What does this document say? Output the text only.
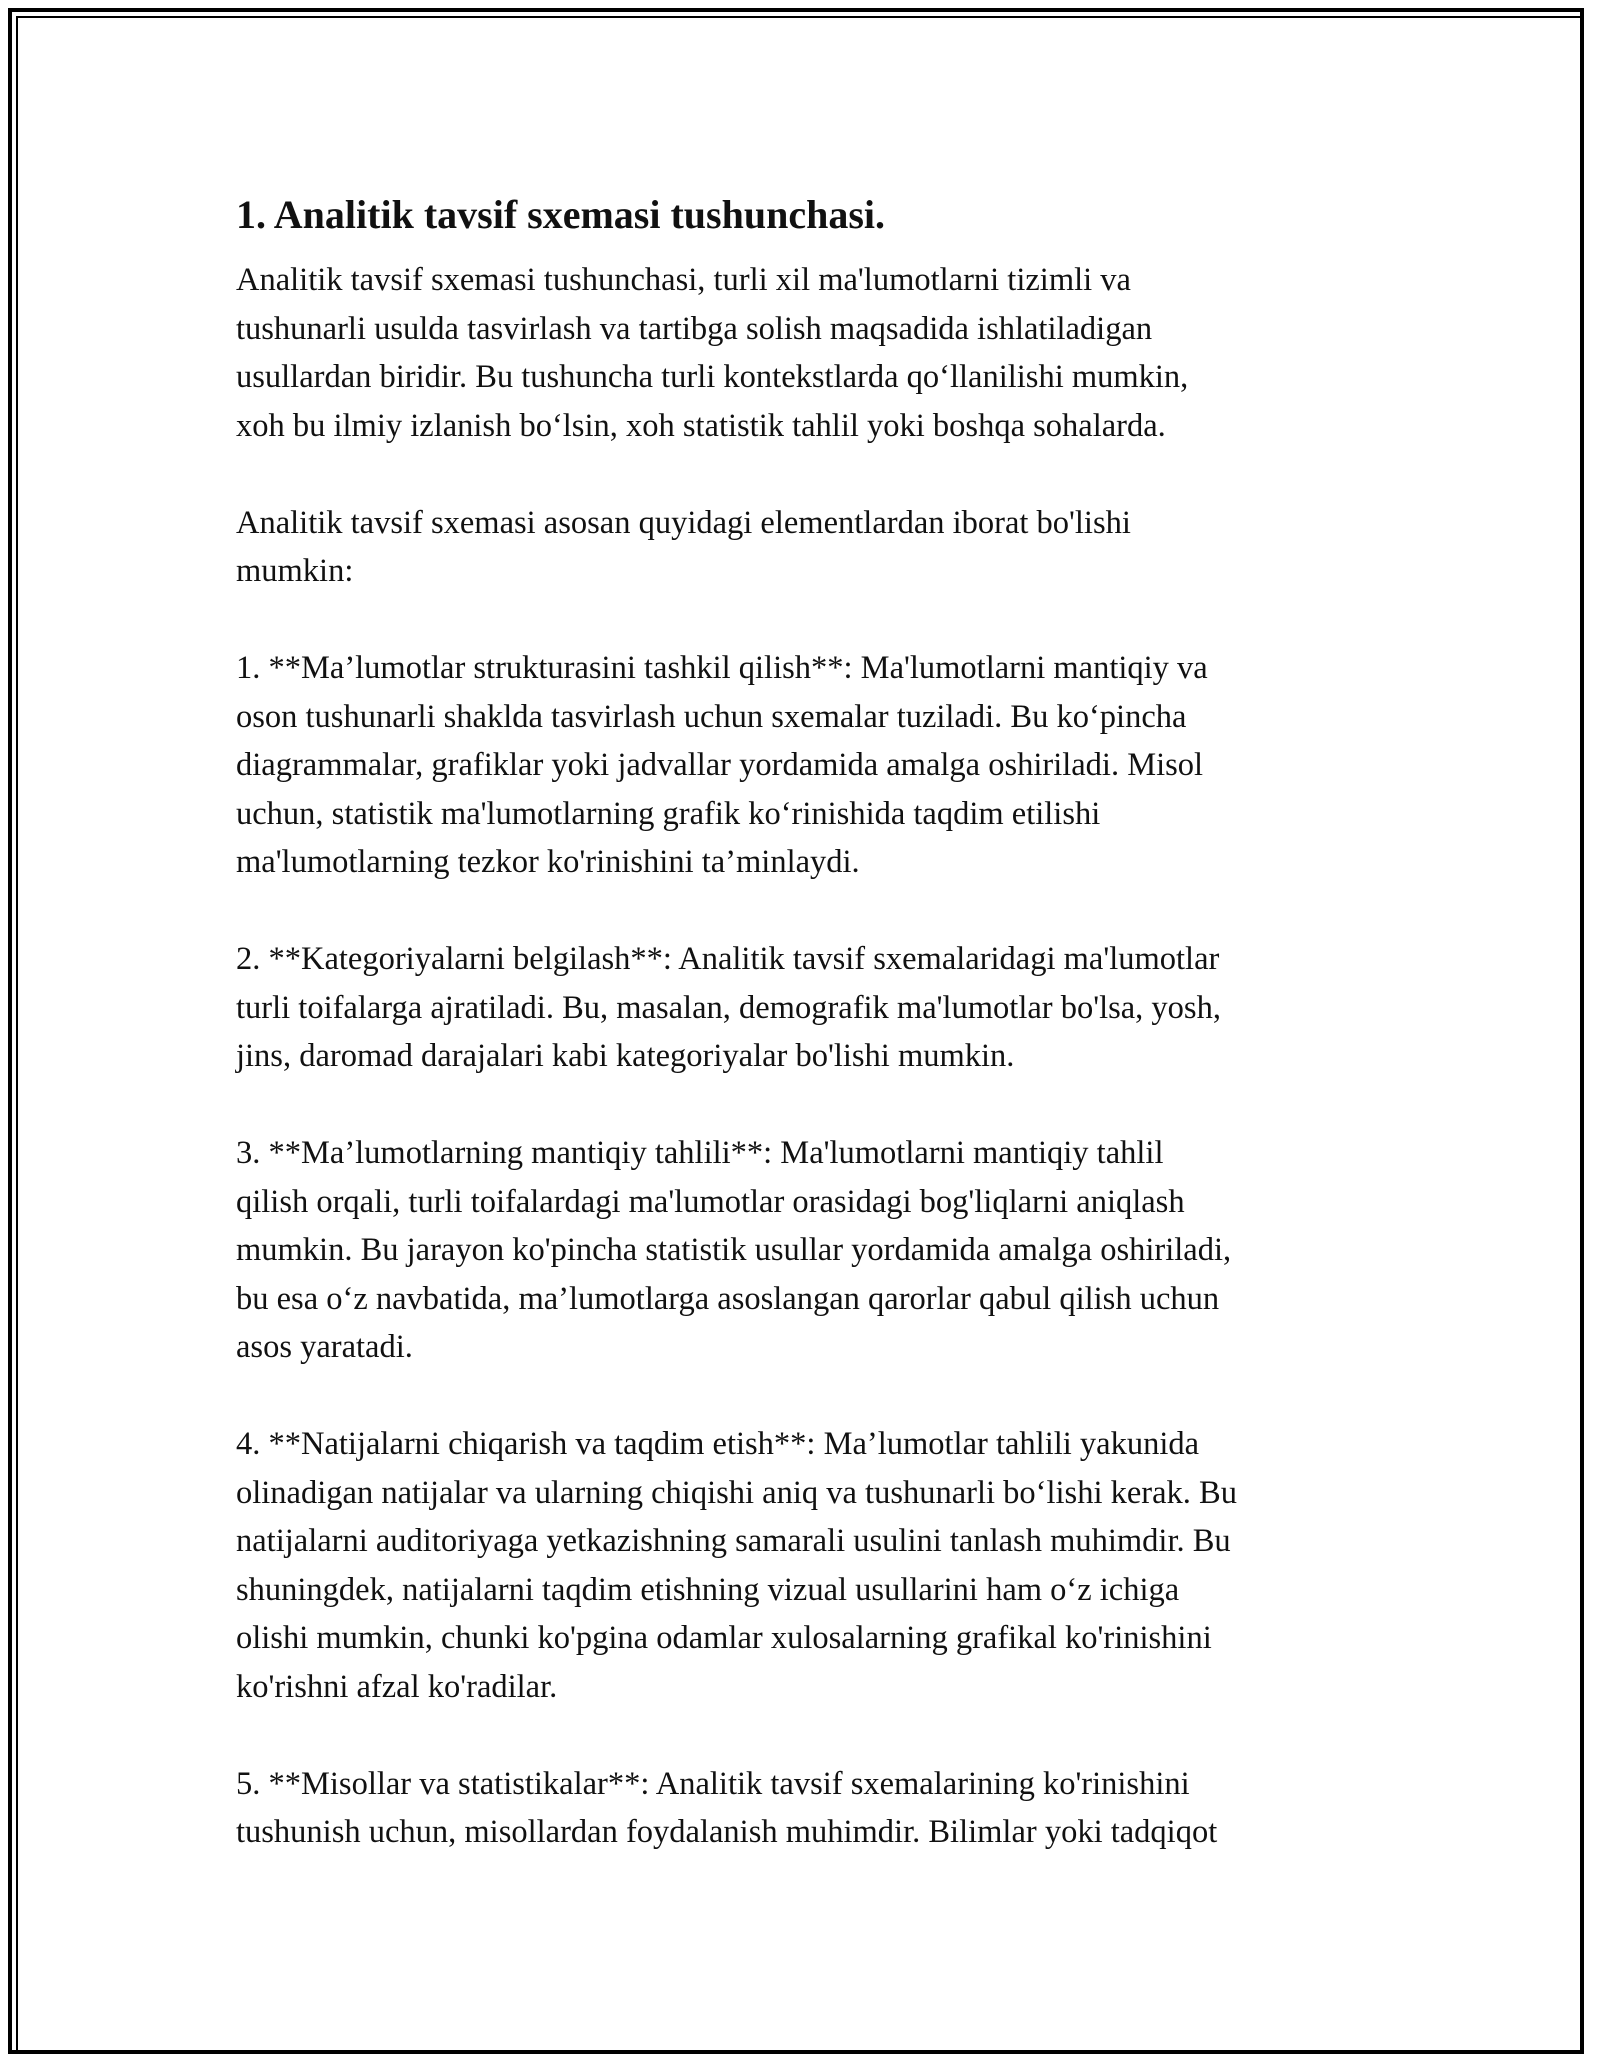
1. Analitik tavsif sxemasi tushunchasi.
Analitik tavsif sxemasi tushunchasi, turli xil ma'lumotlarni tizimli va
tushunarli usulda tasvirlash va tartibga solish maqsadida ishlatiladigan
usullardan biridir. Bu tushuncha turli kontekstlarda qo‘llanilishi mumkin,
xoh bu ilmiy izlanish bo‘lsin, xoh statistik tahlil yoki boshqa sohalarda.
Analitik tavsif sxemasi asosan quyidagi elementlardan iborat bo'lishi
mumkin:
1. **Ma’lumotlar strukturasini tashkil qilish**: Ma'lumotlarni mantiqiy va
oson tushunarli shakldа tasvirlash uchun sxemalar tuziladi. Bu ko‘pincha
diagrammalar, grafiklar yoki jadvallar yordamida amalga oshiriladi. Misol
uchun, statistik ma'lumotlarning grafik ko‘rinishida taqdim etilishi
ma'lumotlarning tezkor ko'rinishini ta’minlaydi.
2. **Kategoriyalarni belgilash**: Analitik tavsif sxemalaridagi ma'lumotlar
turli toifalarga ajratiladi. Bu, masalan, demografik ma'lumotlar bo'lsa, yosh,
jins, daromad darajalari kabi kategoriyalar bo'lishi mumkin.
3. **Ma’lumotlarning mantiqiy tahlili**: Ma'lumotlarni mantiqiy tahlil
qilish orqali, turli toifalardagi ma'lumotlar orasidagi bog'liqlarni aniqlash
mumkin. Bu jarayon ko'pincha statistik usullar yordamida amalga oshiriladi,
bu esa o‘z navbatida, ma’lumotlarga asoslangan qarorlar qabul qilish uchun
asos yaratadi.
4. **Natijalarni chiqarish va taqdim etish**: Ma’lumotlar tahlili yakunida
olinadigan natijalar va ularning chiqishi aniq va tushunarli bo‘lishi kerak. Bu
natijalarni auditoriyaga yetkazishning samarali usulini tanlash muhimdir. Bu
shuningdek, natijalarni taqdim etishning vizual usullarini ham o‘z ichiga
olishi mumkin, chunki ko'pgina odamlar xulosalarning grafikal ko'rinishini
ko'rishni afzal ko'radilar.
5. **Misollar va statistikalar**: Analitik tavsif sxemalarining ko'rinishini
tushunish uchun, misollardan foydalanish muhimdir. Bilimlar yoki tadqiqot
